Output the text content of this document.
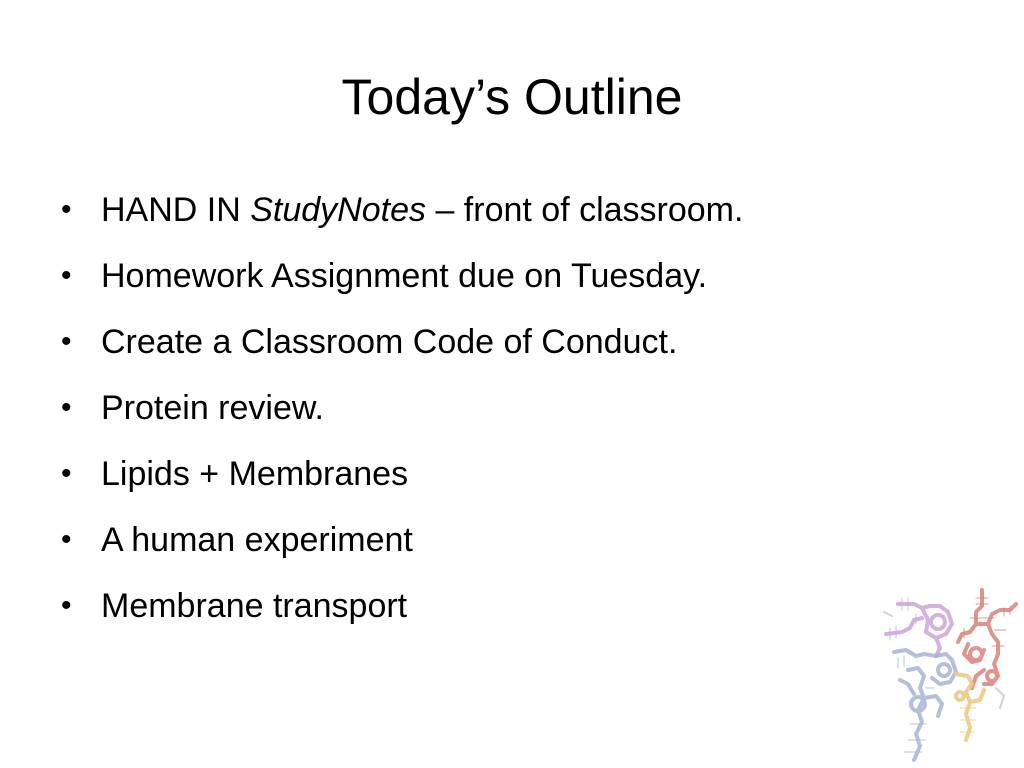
Today’s Outline
• HAND IN StudyNotes – front of classroom.
• Homework Assignment due on Tuesday.
• Create a Classroom Code of Conduct.
• Protein review.
• Lipids + Membranes
• A human experiment
• Membrane transport
